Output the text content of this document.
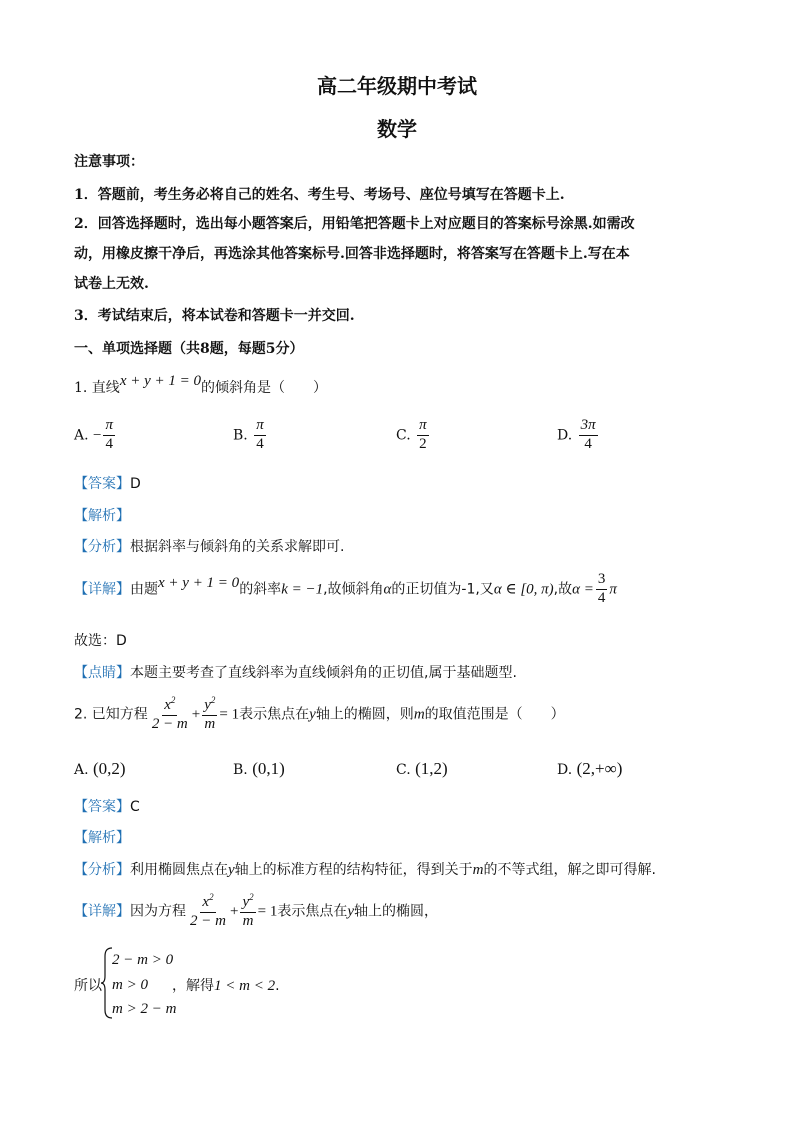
高二年级期中考试
数学
注意事项：
1．答题前，考生务必将自己的姓名、考生号、考场号、座位号填写在答题卡上.
2．回答选择题时，选出每小题答案后，用铅笔把答题卡上对应题目的答案标号涂黑.如需改
动，用橡皮擦干净后，再选涂其他答案标号.回答非选择题时，将答案写在答题卡上.写在本
试卷上无效.
3．考试结束后，将本试卷和答题卡一并交回.
一、单项选择题（共8题，每题5分）
1. 直线x + y + 1 = 0的倾斜角是（　　）
A. − $\frac{\pi}{4}$	B. $\frac{\pi}{4}$	C. $\frac{\pi}{2}$	D. $\frac{3\pi}{4}$
【答案】D
【解析】
【分析】根据斜率与倾斜角的关系求解即可.
【详解】由题x + y + 1 = 0的斜率k = −1,故倾斜角α的正切值为-1,又α ∈ [0, π),故$\alpha = \frac{3}{4}$ π
故选：D
【点睛】本题主要考查了直线斜率为直线倾斜角的正切值,属于基础题型.
2. 已知方程 $\frac{x^2}{2 - m} + \frac{y^2}{m} = 1$表示焦点在y轴上的椭圆，则m的取值范围是（　　）
A. (0,2)	B. (0,1)	C. (1,2)	D. (2,+∞)
【答案】C
【解析】
【分析】利用椭圆焦点在y轴上的标准方程的结构特征，得到关于m的不等式组，解之即可得解.
【详解】因为方程 $\frac{x^2}{2 - m} + \frac{y^2}{m} = 1$表示焦点在y轴上的椭圆，
所以
2 − m > 0
m > 0
m > 2 − m
，解得1 < m < 2.
